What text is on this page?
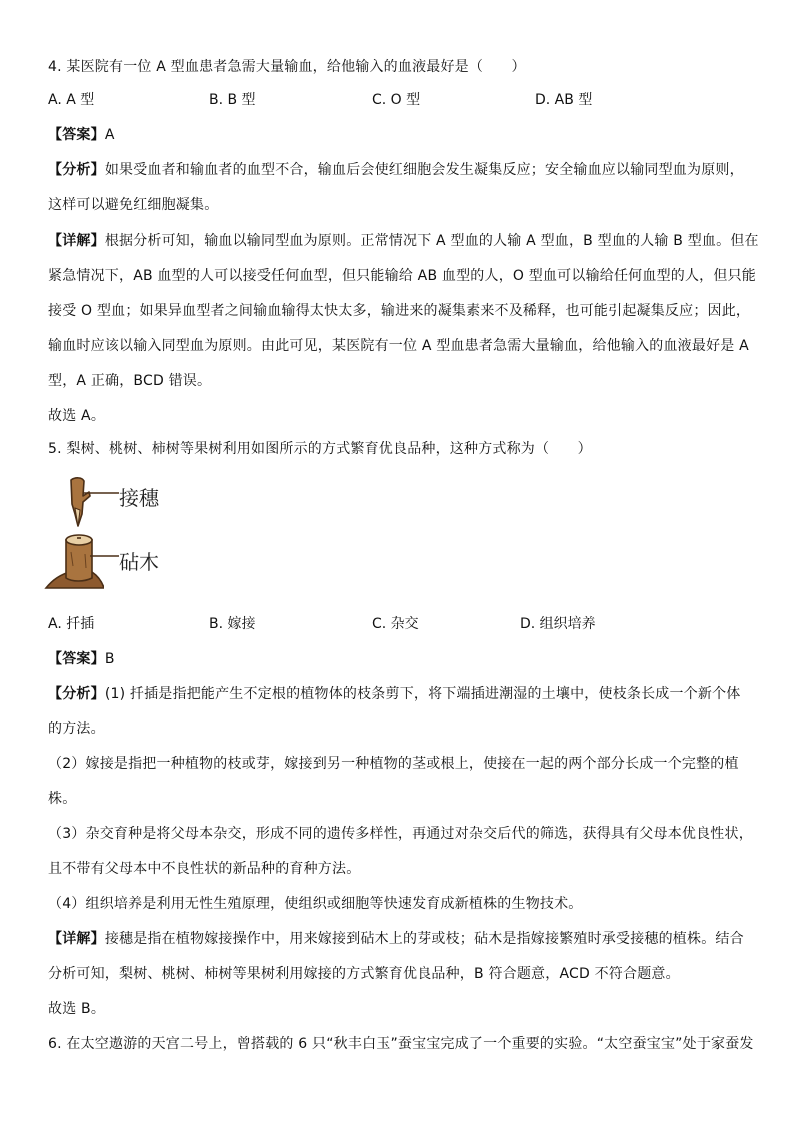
4. 某医院有一位 A 型血患者急需大量输血，给他输入的血液最好是（　　）
A. A 型	B. B 型	C. O 型	D. AB 型
【答案】A
【分析】如果受血者和输血者的血型不合，输血后会使红细胞会发生凝集反应；安全输血应以输同型血为原则，
这样可以避免红细胞凝集。
【详解】根据分析可知，输血以输同型血为原则。正常情况下 A 型血的人输 A 型血，B 型血的人输 B 型血。但在
紧急情况下，AB 血型的人可以接受任何血型，但只能输给 AB 血型的人，O 型血可以输给任何血型的人，但只能
接受 O 型血；如果异血型者之间输血输得太快太多，输进来的凝集素来不及稀释，也可能引起凝集反应；因此，
输血时应该以输入同型血为原则。由此可见，某医院有一位 A 型血患者急需大量输血，给他输入的血液最好是 A
型，A 正确，BCD 错误。
故选 A。
5. 梨树、桃树、柿树等果树利用如图所示的方式繁育优良品种，这种方式称为（　　）
接穗
砧木
A. 扦插	B. 嫁接	C. 杂交	D. 组织培养
【答案】B
【分析】(1) 扦插是指把能产生不定根的植物体的枝条剪下，将下端插进潮湿的土壤中，使枝条长成一个新个体
的方法。
（2）嫁接是指把一种植物的枝或芽，嫁接到另一种植物的茎或根上，使接在一起的两个部分长成一个完整的植
株。
（3）杂交育种是将父母本杂交，形成不同的遗传多样性，再通过对杂交后代的筛选，获得具有父母本优良性状，
且不带有父母本中不良性状的新品种的育种方法。
（4）组织培养是利用无性生殖原理，使组织或细胞等快速发育成新植株的生物技术。
【详解】接穗是指在植物嫁接操作中，用来嫁接到砧木上的芽或枝；砧木是指嫁接繁殖时承受接穗的植株。结合
分析可知，梨树、桃树、柿树等果树利用嫁接的方式繁育优良品种，B 符合题意，ACD 不符合题意。
故选 B。
6. 在太空遨游的天宫二号上，曾搭载的 6 只“秋丰白玉”蚕宝宝完成了一个重要的实验。“太空蚕宝宝”处于家蚕发
